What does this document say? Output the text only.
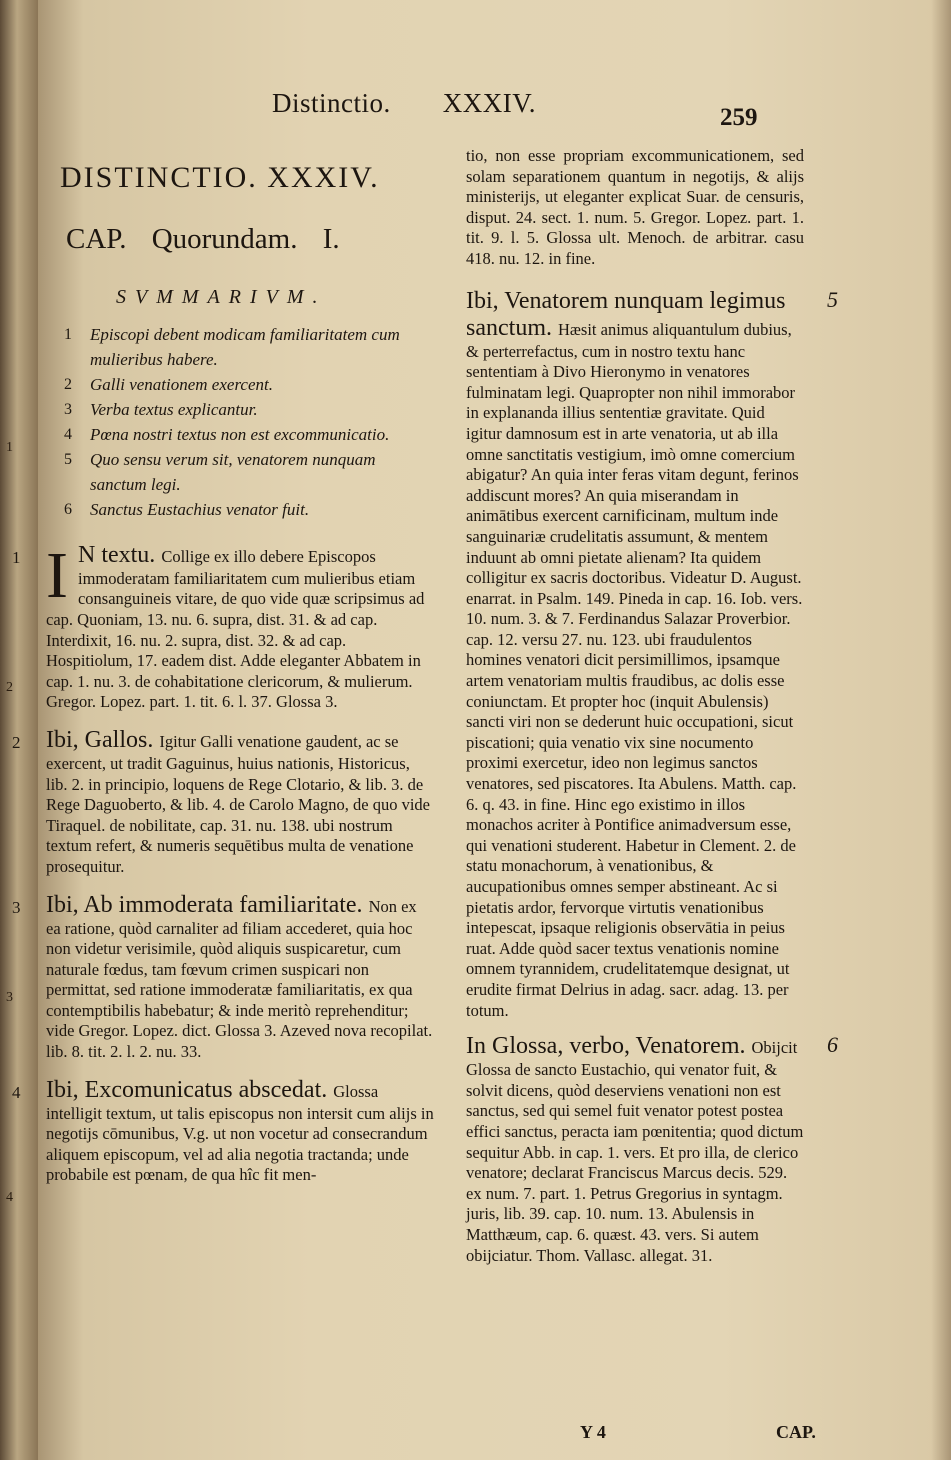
1
2
3
4
Distinctio. XXXIV.	259
DISTINCTIO. XXXIV.
CAP. Quorundam. I.
SVMMARIVM.
1	Episcopi debent modicam familiaritatem cum mulieribus habere.
2	Galli venationem exercent.
3	Verba textus explicantur.
4	Pœna nostri textus non est excommunicatio.
5	Quo sensu verum sit, venatorem nunquam sanctum legi.
6	Sanctus Eustachius venator fuit.
1 I N textu. Collige ex illo debere Episcopos immoderatam familiaritatem cum mulieribus etiam consanguineis vitare, de quo vide quæ scripsimus ad cap. Quoniam, 13. nu. 6. supra, dist. 31. & ad cap. Interdixit, 16. nu. 2. supra, dist. 32. & ad cap. Hospitiolum, 17. eadem dist. Adde eleganter Abbatem in cap. 1. nu. 3. de cohabitatione clericorum, & mulierum. Gregor. Lopez. part. 1. tit. 6. l. 37. Glossa 3.
2 Ibi, Gallos. Igitur Galli venatione gaudent, ac se exercent, ut tradit Gaguinus, huius nationis, Historicus, lib. 2. in principio, loquens de Rege Clotario, & lib. 3. de Rege Daguoberto, & lib. 4. de Carolo Magno, de quo vide Tiraquel. de nobilitate, cap. 31. nu. 138. ubi nostrum textum refert, & numeris sequētibus multa de venatione prosequitur.
3 Ibi, Ab immoderata familiaritate. Non ex ea ratione, quòd carnaliter ad filiam accederet, quia hoc non videtur verisimile, quòd aliquis suspicaretur, cum naturale fœdus, tam fœvum crimen suspicari non permittat, sed ratione immoderatæ familiaritatis, ex qua contemptibilis habebatur; & inde meritò reprehenditur; vide Gregor. Lopez. dict. Glossa 3. Azeved nova recopilat. lib. 8. tit. 2. l. 2. nu. 33.
4 Ibi, Excomunicatus abscedat. Glossa intelligit textum, ut talis episcopus non intersit cum alijs in negotijs cōmunibus, V.g. ut non vocetur ad consecrandum aliquem episcopum, vel ad alia negotia tractanda; unde probabile est pœnam, de qua hîc fit men-
tio, non esse propriam excommunicationem, sed solam separationem quantum in negotijs, & alijs ministerijs, ut eleganter explicat Suar. de censuris, disput. 24. sect. 1. num. 5. Gregor. Lopez. part. 1. tit. 9. l. 5. Glossa ult. Menoch. de arbitrar. casu 418. nu. 12. in fine.
5
Ibi, Venatorem nunquam legimus sanctum. Hæsit animus aliquantulum dubius, & perterrefactus, cum in nostro textu hanc sententiam à Divo Hieronymo in venatores fulminatam legi. Quapropter non nihil immorabor in explananda illius sententiæ gravitate. Quid igitur damnosum est in arte venatoria, ut ab illa omne sanctitatis vestigium, imò omne comercium abigatur? An quia inter feras vitam degunt, ferinos addiscunt mores? An quia miserandam in animātibus exercent carnificinam, multum inde sanguinariæ crudelitatis assumunt, & mentem induunt ab omni pietate alienam? Ita quidem colligitur ex sacris doctoribus. Videatur D. August. enarrat. in Psalm. 149. Pineda in cap. 16. Iob. vers. 10. num. 3. & 7. Ferdinandus Salazar Proverbior. cap. 12. versu 27. nu. 123. ubi fraudulentos homines venatori dicit persimillimos, ipsamque artem venatoriam multis fraudibus, ac dolis esse coniunctam. Et propter hoc (inquit Abulensis) sancti viri non se dederunt huic occupationi, sicut piscationi; quia venatio vix sine nocumento proximi exercetur, ideo non legimus sanctos venatores, sed piscatores. Ita Abulens. Matth. cap. 6. q. 43. in fine. Hinc ego existimo in illos monachos acriter à Pontifice animadversum esse, qui venationi studerent. Habetur in Clement. 2. de statu monachorum, à venationibus, & aucupationibus omnes semper abstineant. Ac si pietatis ardor, fervorque virtutis venationibus intepescat, ipsaque religionis observātia in peius ruat. Adde quòd sacer textus venationis nomine omnem tyrannidem, crudelitatemque designat, ut erudite firmat Delrius in adag. sacr. adag. 13. per totum.
6
In Glossa, verbo, Venatorem. Obijcit Glossa de sancto Eustachio, qui venator fuit, & solvit dicens, quòd deserviens venationi non est sanctus, sed qui semel fuit venator potest postea effici sanctus, peracta iam pœnitentia; quod dictum sequitur Abb. in cap. 1. vers. Et pro illa, de clerico venatore; declarat Franciscus Marcus decis. 529. ex num. 7. part. 1. Petrus Gregorius in syntagm. juris, lib. 39. cap. 10. num. 13. Abulensis in Matthæum, cap. 6. quæst. 43. vers. Si autem obijciatur. Thom. Vallasc. allegat. 31.
Y 4	CAP.
